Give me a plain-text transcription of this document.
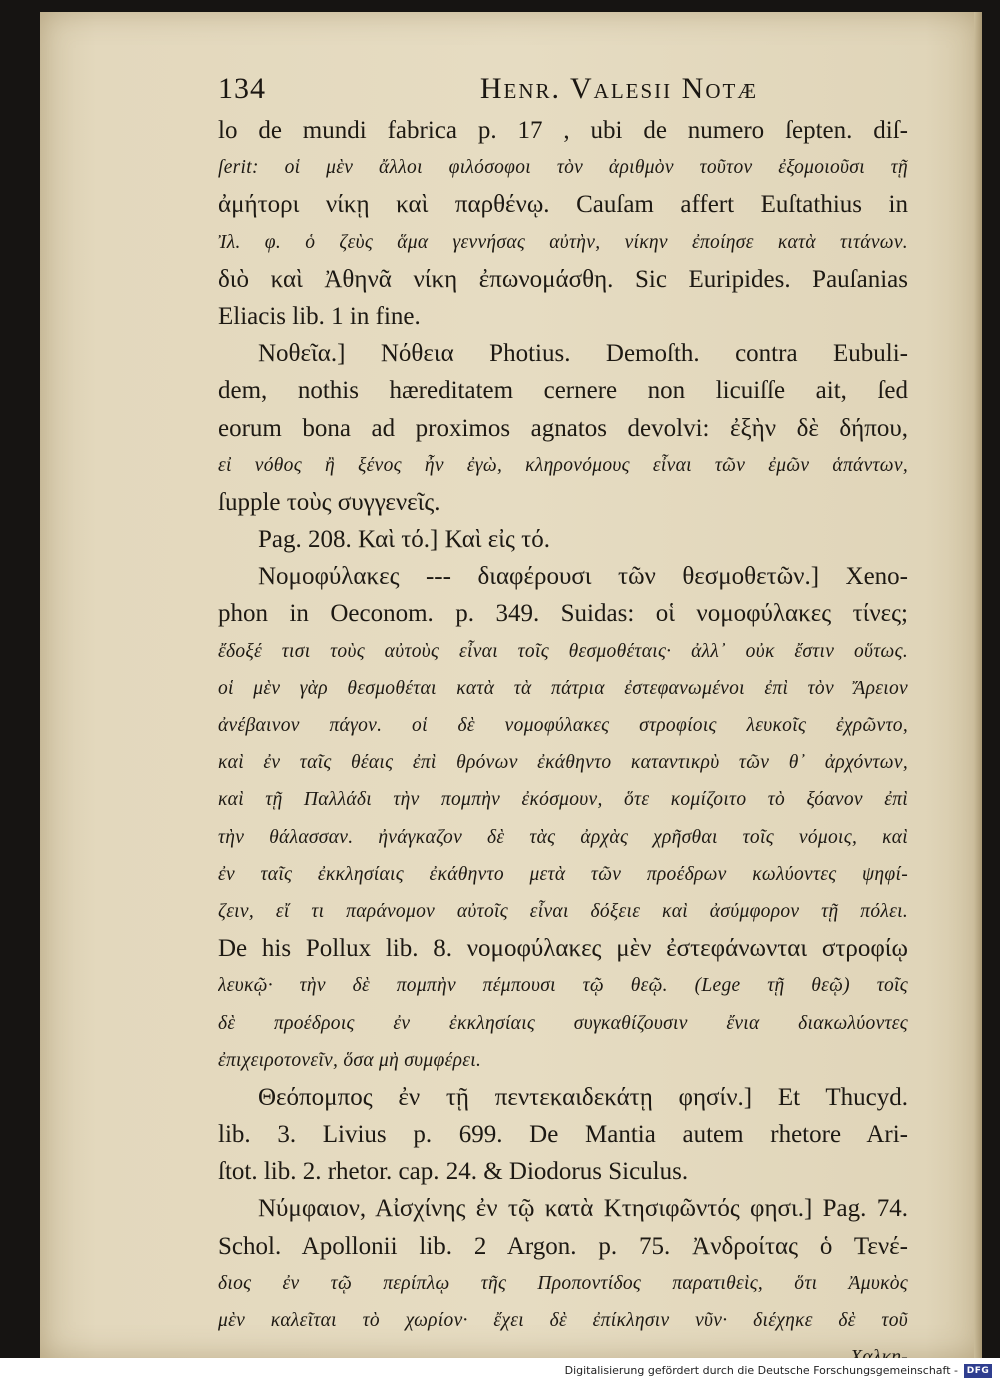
134	Henr. Valesii Notæ
lo de mundi fabrica p. 17 , ubi de numero ſepten. diſ-
ſerit: οἱ μὲν ἄλλοι φιλόσοφοι τὸν ἀριθμὸν τοῦτον ἐξομοιοῦσι τῇ
ἀμήτορι νίκῃ καὶ παρθένῳ. Cauſam affert Euſtathius in
Ἰλ. φ. ὁ ζεὺς ἅμα γεννήσας αὐτὴν, νίκην ἐποίησε κατὰ τιτάνων.
διὸ καὶ Ἀθηνᾶ νίκη ἐπωνομάσθη. Sic Euripides. Pauſanias
Eliacis lib. 1 in fine.
Νοθεῖα.] Νόθεια Photius. Demoſth. contra Eubuli-
dem, nothis hæreditatem cernere non licuiſſe ait, ſed
eorum bona ad proximos agnatos devolvi: ἐξὴν δὲ δήπου,
εἰ νόθος ἢ ξένος ἦν ἐγὼ, κληρονόμους εἶναι τῶν ἐμῶν ἁπάντων,
ſupple τοὺς συγγενεῖς.
Pag. 208. Καὶ τό.] Καὶ εἰς τό.
Νομοφύλακες --- διαφέρουσι τῶν θεσμοθετῶν.] Xeno-
phon in Oeconom. p. 349. Suidas: οἱ νομοφύλακες τίνες;
ἔδοξέ τισι τοὺς αὐτοὺς εἶναι τοῖς θεσμοθέταις· ἀλλ᾽ οὐκ ἔστιν οὕτως.
οἱ μὲν γὰρ θεσμοθέται κατὰ τὰ πάτρια ἐστεφανωμένοι ἐπὶ τὸν Ἄρειον
ἀνέβαινον πάγον. οἱ δὲ νομοφύλακες στροφίοις λευκοῖς ἐχρῶντο,
καὶ ἐν ταῖς θέαις ἐπὶ θρόνων ἐκάθηντο καταντικρὺ τῶν θ᾽ ἀρχόντων,
καὶ τῇ Παλλάδι τὴν πομπὴν ἐκόσμουν, ὅτε κομίζοιτο τὸ ξόανον ἐπὶ
τὴν θάλασσαν. ἠνάγκαζον δὲ τὰς ἀρχὰς χρῆσθαι τοῖς νόμοις, καὶ
ἐν ταῖς ἐκκλησίαις ἐκάθηντο μετὰ τῶν προέδρων κωλύοντες ψηφί-
ζειν, εἴ τι παράνομον αὐτοῖς εἶναι δόξειε καὶ ἀσύμφορον τῇ πόλει.
De his Pollux lib. 8. νομοφύλακες μὲν ἐστεφάνωνται στροφίῳ
λευκῷ· τὴν δὲ πομπὴν πέμπουσι τῷ θεῷ. (Lege τῇ θεῷ) τοῖς
δὲ προέδροις ἐν ἐκκλησίαις συγκαθίζουσιν ἔνια διακωλύοντες
ἐπιχειροτονεῖν, ὅσα μὴ συμφέρει.
Θεόπομπος ἐν τῇ πεντεκαιδεκάτῃ φησίν.] Et Thucyd.
lib. 3. Livius p. 699. De Mantia autem rhetore Ari-
ſtot. lib. 2. rhetor. cap. 24. & Diodorus Siculus.
Νύμφαιον, Αἰσχίνης ἐν τῷ κατὰ Κτησιφῶντός φησι.] Pag. 74.
Schol. Apollonii lib. 2 Argon. p. 75. Ἀνδροίτας ὁ Τενέ-
διος ἐν τῷ περίπλῳ τῆς Προποντίδος παρατιθεὶς, ὅτι Ἀμυκὸς
μὲν καλεῖται τὸ χωρίον· ἔχει δὲ ἐπίκλησιν νῦν· διέχηκε δὲ τοῦ
Digitalisierung gefördert durch die Deutsche Forschungsgemeinschaft - DFG
